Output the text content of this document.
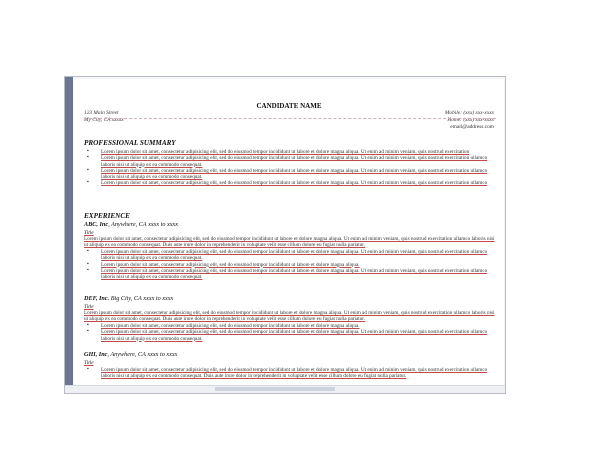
CANDIDATE NAME
123 Main Street
My City, CA xxxxx
Mobile: (xxx) xxx-xxxx
Home: (xxx) xxx-xxxx
email@address.com
PROFESSIONAL SUMMARY
▪ Lorem ipsum dolor sit amet, consectetur adipisicing elit, sed do eiusmod tempor incididunt ut labore et dolore magna aliqua. Ut enim ad minim veniam, quis nostrud exercitation
▪ Lorem ipsum dolor sit amet, consectetur adipisicing elit, sed do eiusmod tempor incididunt ut labore et dolore magna aliqua. Ut enim ad minim veniam, quis nostrud exercitation ullamco laboris nisi ut aliquip ex ea commodo consequat.
▪ Lorem ipsum dolor sit amet, consectetur adipisicing elit, sed do eiusmod tempor incididunt ut labore et dolore magna aliqua. Ut enim ad minim veniam, quis nostrud exercitation ullamco laboris nisi ut aliquip ex ea commodo consequat.
▪ Lorem ipsum dolor sit amet, consectetur adipisicing elit, sed do eiusmod tempor incididunt ut labore et dolore magna aliqua. Ut enim ad minim veniam, quis nostrud exercitation ullamco
EXPERIENCE
ABC, Inc, Anywhere, CA xxxx to xxxx
Title
Lorem ipsum dolor sit amet, consectetur adipisicing elit, sed do eiusmod tempor incididunt ut labore et dolore magna aliqua. Ut enim ad minim veniam, quis nostrud exercitation ullamco laboris nisi ut aliquip ex ea commodo consequat. Duis aute irure dolor in reprehenderit in voluptate velit esse cillum dolore eu fugiat nulla pariatur.
▪ Lorem ipsum dolor sit amet, consectetur adipisicing elit, sed do eiusmod tempor incididunt ut labore et dolore magna aliqua. Ut enim ad minim veniam, quis nostrud exercitation ullamco laboris nisi ut aliquip ex ea commodo consequat.
▪ Lorem ipsum dolor sit amet, consectetur adipisicing elit, sed do eiusmod tempor incididunt ut labore et dolore magna aliqua.
▪ Lorem ipsum dolor sit amet, consectetur adipisicing elit, sed do eiusmod tempor incididunt ut labore et dolore magna aliqua. Ut enim ad minim veniam, quis nostrud exercitation ullamco laboris nisi ut aliquip ex ea commodo consequat.
DEF, Inc. Big City, CA xxxx to xxxx
Title
Lorem ipsum dolor sit amet, consectetur adipisicing elit, sed do eiusmod tempor incididunt ut labore et dolore magna aliqua. Ut enim ad minim veniam, quis nostrud exercitation ullamco laboris nisi ut aliquip ex ea commodo consequat. Duis aute irure dolor in reprehenderit in voluptate velit esse cillum dolore eu fugiat nulla pariatur.
▪ Lorem ipsum dolor sit amet, consectetur adipisicing elit, sed do eiusmod tempor incididunt ut labore et dolore magna aliqua.
▪ Lorem ipsum dolor sit amet, consectetur adipisicing elit, sed do eiusmod tempor incididunt ut labore et dolore magna aliqua. Ut enim ad minim veniam, quis nostrud exercitation ullamco laboris nisi ut aliquip ex ea commodo consequat.
GHI, Inc, Anywhere, CA xxxx to xxxx
Title
▪ Lorem ipsum dolor sit amet, consectetur adipisicing elit, sed do eiusmod tempor incididunt ut labore et dolore magna aliqua. Ut enim ad minim veniam, quis nostrud exercitation ullamco laboris nisi ut aliquip ex ea commodo consequat. Duis aute irure dolor in reprehenderit in voluptate velit esse cillum dolore eu fugiat nulla pariatur.
